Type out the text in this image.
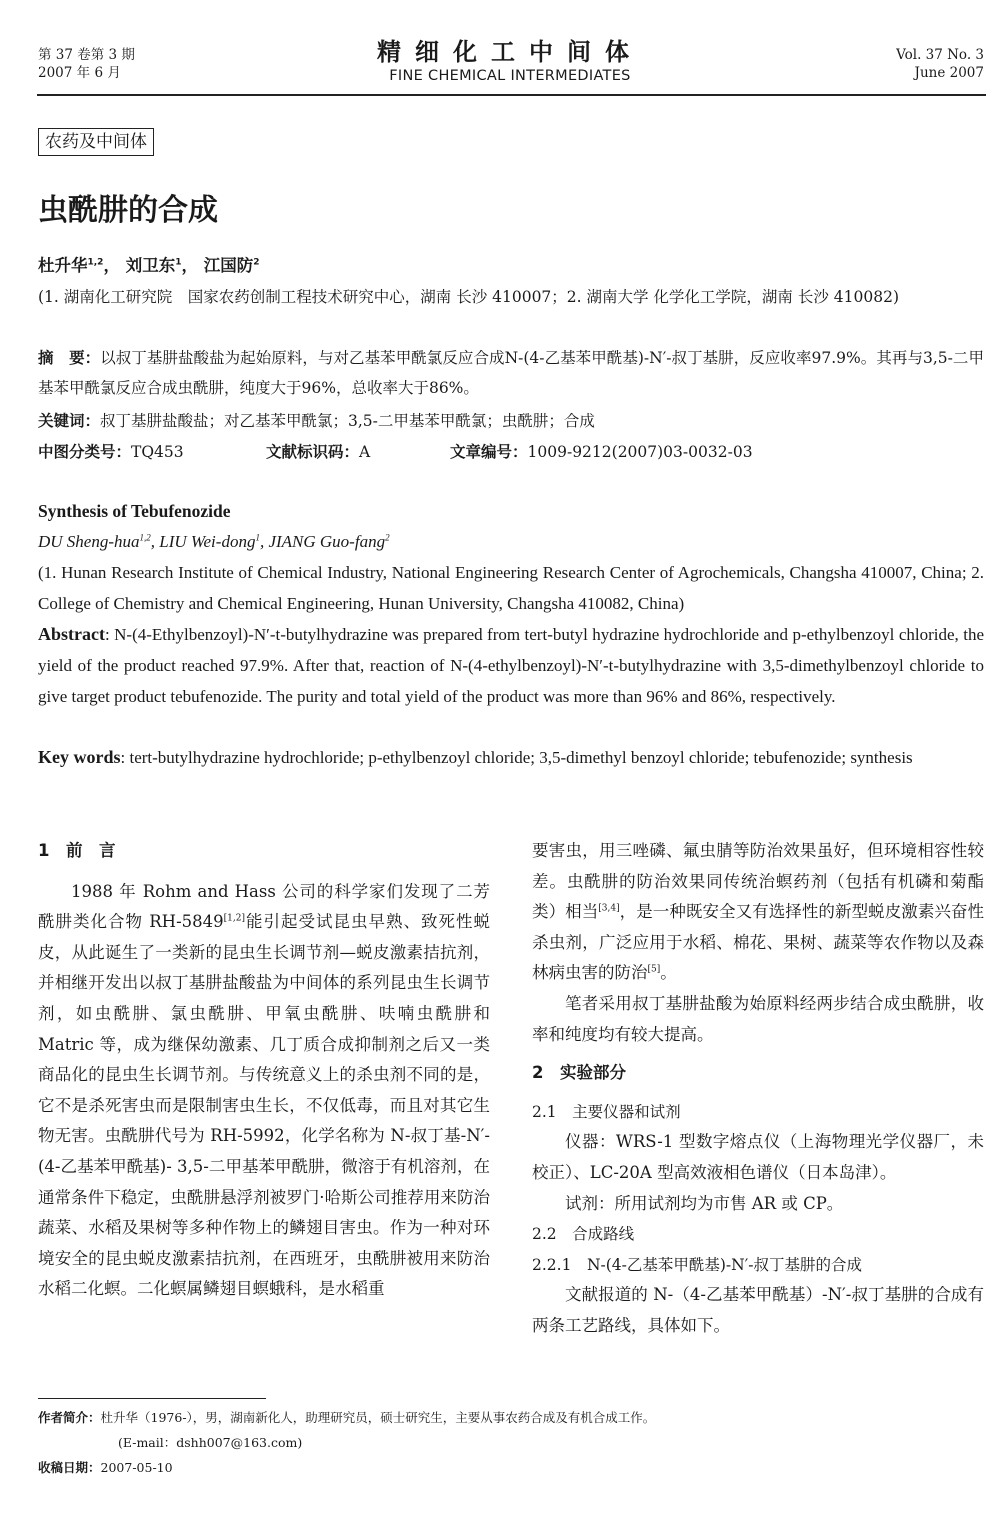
第 37 卷第 3 期
2007 年 6 月
精细化工中间体
FINE CHEMICAL INTERMEDIATES
Vol. 37 No. 3
June 2007
农药及中间体
虫酰肼的合成
杜升华$^{1,2}$， 刘卫东$^1$， 江国防$^2$
(1. 湖南化工研究院　国家农药创制工程技术研究中心，湖南 长沙 410007；2. 湖南大学 化学化工学院，湖南 长沙 410082)
摘　要：以叔丁基肼盐酸盐为起始原料，与对乙基苯甲酰氯反应合成N-(4-乙基苯甲酰基)-N′-叔丁基肼，反应收率97.9%。其再与3,5-二甲基苯甲酰氯反应合成虫酰肼，纯度大于96%，总收率大于86%。
关键词：叔丁基肼盐酸盐；对乙基苯甲酰氯；3,5-二甲基苯甲酰氯；虫酰肼；合成
中图分类号：TQ453	文献标识码：A	文章编号：1009-9212(2007)03-0032-03
Synthesis of Tebufenozide
DU Sheng-hua$^{1,2}$, LIU Wei-dong$^1$, JIANG Guo-fang$^2$
(1. Hunan Research Institute of Chemical Industry, National Engineering Research Center of Agrochemicals, Changsha 410007, China; 2. College of Chemistry and Chemical Engineering, Hunan University, Changsha 410082, China)
Abstract: N-(4-Ethylbenzoyl)-N′-t-butylhydrazine was prepared from tert-butyl hydrazine hydrochloride and p-ethylbenzoyl chloride, the yield of the product reached 97.9%. After that, reaction of N-(4-ethylbenzoyl)-N′-t-butylhydrazine with 3,5-dimethylbenzoyl chloride to give target product tebufenozide. The purity and total yield of the product was more than 96% and 86%, respectively.
Key words: tert-butylhydrazine hydrochloride; p-ethylbenzoyl chloride; 3,5-dimethyl benzoyl chloride; tebufenozide; synthesis
1　前　言
1988 年 Rohm and Hass 公司的科学家们发现了二芳酰肼类化合物 RH-5849[1,2]能引起受试昆虫早熟、致死性蜕皮，从此诞生了一类新的昆虫生长调节剂—蜕皮激素拮抗剂，并相继开发出以叔丁基肼盐酸盐为中间体的系列昆虫生长调节剂，如虫酰肼、氯虫酰肼、甲氧虫酰肼、呋喃虫酰肼和 Matric 等，成为继保幼激素、几丁质合成抑制剂之后又一类商品化的昆虫生长调节剂。与传统意义上的杀虫剂不同的是，它不是杀死害虫而是限制害虫生长，不仅低毒，而且对其它生物无害。虫酰肼代号为 RH-5992，化学名称为 N-叔丁基-N′-(4-乙基苯甲酰基)- 3,5-二甲基苯甲酰肼，微溶于有机溶剂，在通常条件下稳定，虫酰肼悬浮剂被罗门·哈斯公司推荐用来防治蔬菜、水稻及果树等多种作物上的鳞翅目害虫。作为一种对环境安全的昆虫蜕皮激素拮抗剂，在西班牙，虫酰肼被用来防治水稻二化螟。二化螟属鳞翅目螟蛾科，是水稻重
要害虫，用三唑磷、氟虫腈等防治效果虽好，但环境相容性较差。虫酰肼的防治效果同传统治螟药剂（包括有机磷和菊酯类）相当[3,4]，是一种既安全又有选择性的新型蜕皮激素兴奋性杀虫剂，广泛应用于水稻、棉花、果树、蔬菜等农作物以及森林病虫害的防治[5]。
笔者采用叔丁基肼盐酸为始原料经两步结合成虫酰肼，收率和纯度均有较大提高。
2　实验部分
2.1　主要仪器和试剂
仪器：WRS-1 型数字熔点仪（上海物理光学仪器厂，未校正）、LC-20A 型高效液相色谱仪（日本岛津）。
试剂：所用试剂均为市售 AR 或 CP。
2.2　合成路线
2.2.1　N-(4-乙基苯甲酰基)-N′-叔丁基肼的合成
文献报道的 N-（4-乙基苯甲酰基）-N′-叔丁基肼的合成有两条工艺路线，具体如下。
作者简介：杜升华（1976-），男，湖南新化人，助理研究员，硕士研究生，主要从事农药合成及有机合成工作。
(E-mail：dshh007@163.com)
收稿日期：2007-05-10
